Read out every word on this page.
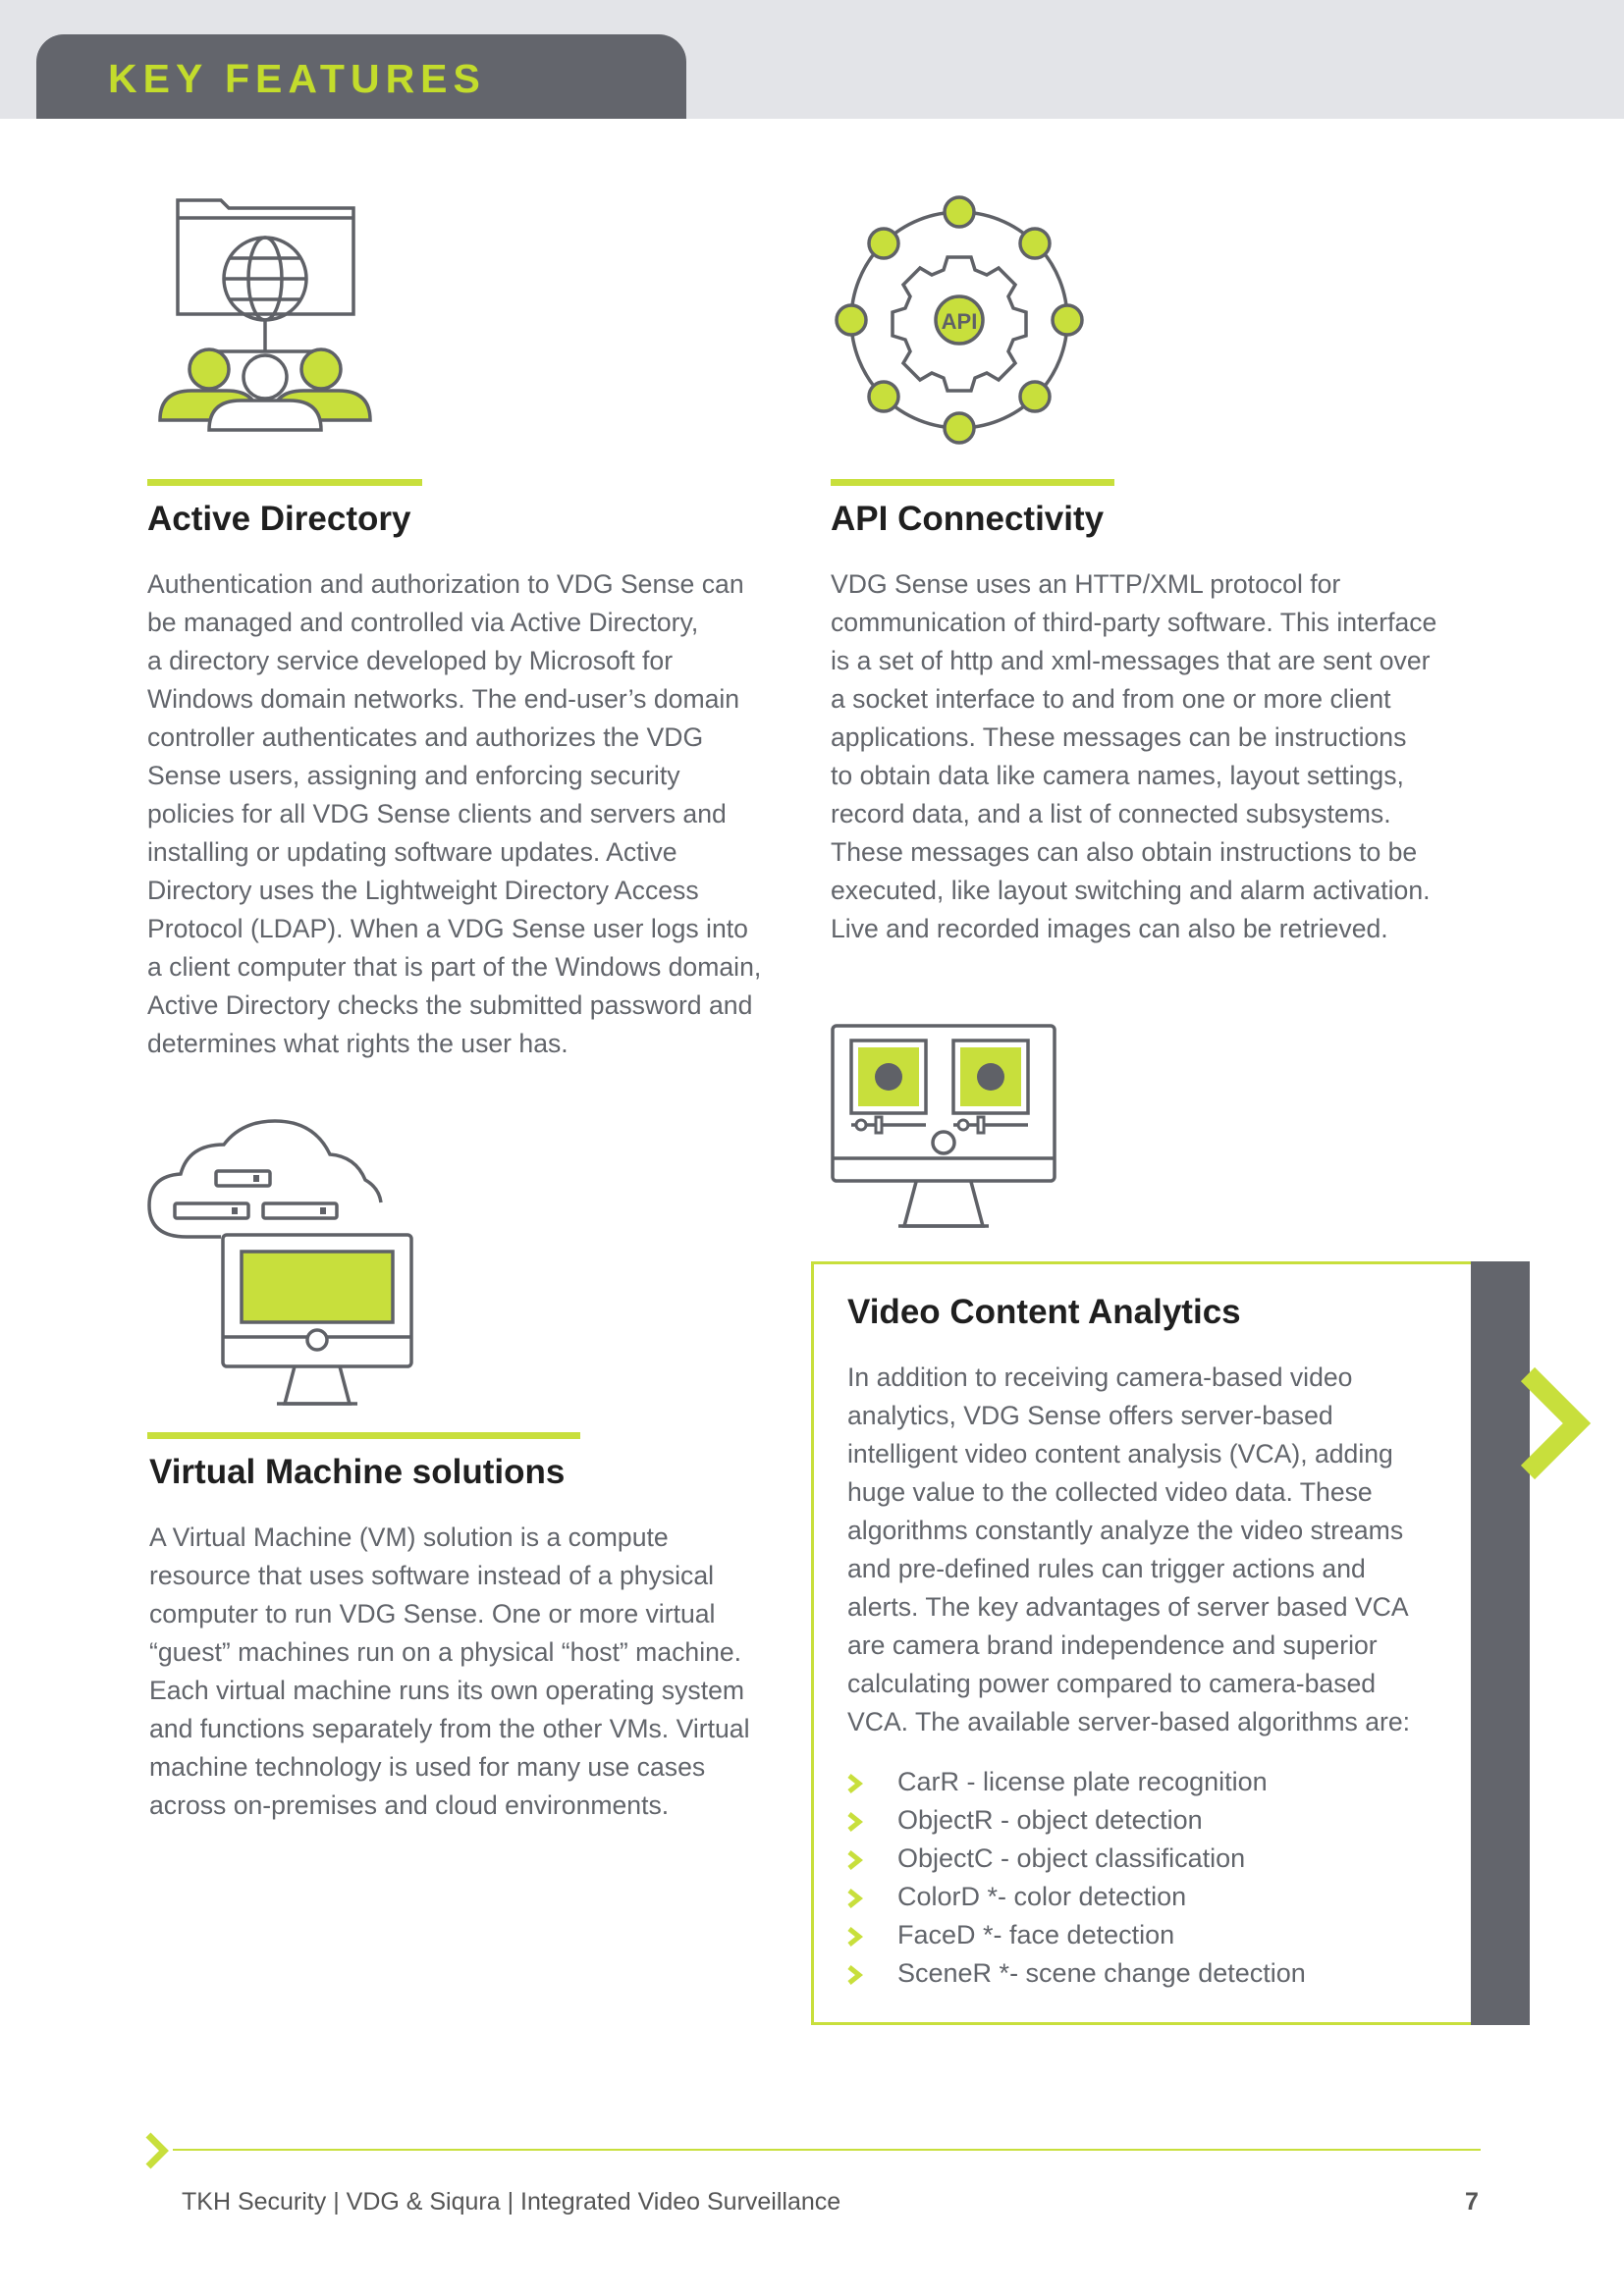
KEY FEATURES
API
Active Directory
Authentication and authorization to VDG Sense can
be managed and controlled via Active Directory,
a directory service developed by Microsoft for
Windows domain networks. The end-user’s domain
controller authenticates and authorizes the VDG
Sense users, assigning and enforcing security
policies for all VDG Sense clients and servers and
installing or updating software updates. Active
Directory uses the Lightweight Directory Access
Protocol (LDAP). When a VDG Sense user logs into
a client computer that is part of the Windows domain,
Active Directory checks the submitted password and
determines what rights the user has.
API Connectivity
VDG Sense uses an HTTP/XML protocol for
communication of third-party software. This interface
is a set of http and xml-messages that are sent over
a socket interface to and from one or more client
applications. These messages can be instructions
to obtain data like camera names, layout settings,
record data, and a list of connected subsystems.
These messages can also obtain instructions to be
executed, like layout switching and alarm activation.
Live and recorded images can also be retrieved.
Virtual Machine solutions
A Virtual Machine (VM) solution is a compute
resource that uses software instead of a physical
computer to run VDG Sense. One or more virtual
“guest” machines run on a physical “host” machine.
Each virtual machine runs its own operating system
and functions separately from the other VMs. Virtual
machine technology is used for many use cases
across on-premises and cloud environments.
Video Content Analytics
In addition to receiving camera-based video
analytics, VDG Sense offers server-based
intelligent video content analysis (VCA), adding
huge value to the collected video data. These
algorithms constantly analyze the video streams
and pre-defined rules can trigger actions and
alerts. The key advantages of server based VCA
are camera brand independence and superior
calculating power compared to camera-based
VCA. The available server-based algorithms are:
CarR - license plate recognition
ObjectR - object detection
ObjectC - object classification
ColorD *- color detection
FaceD *- face detection
SceneR *- scene change detection
TKH Security | VDG & Siqura | Integrated Video Surveillance	7
